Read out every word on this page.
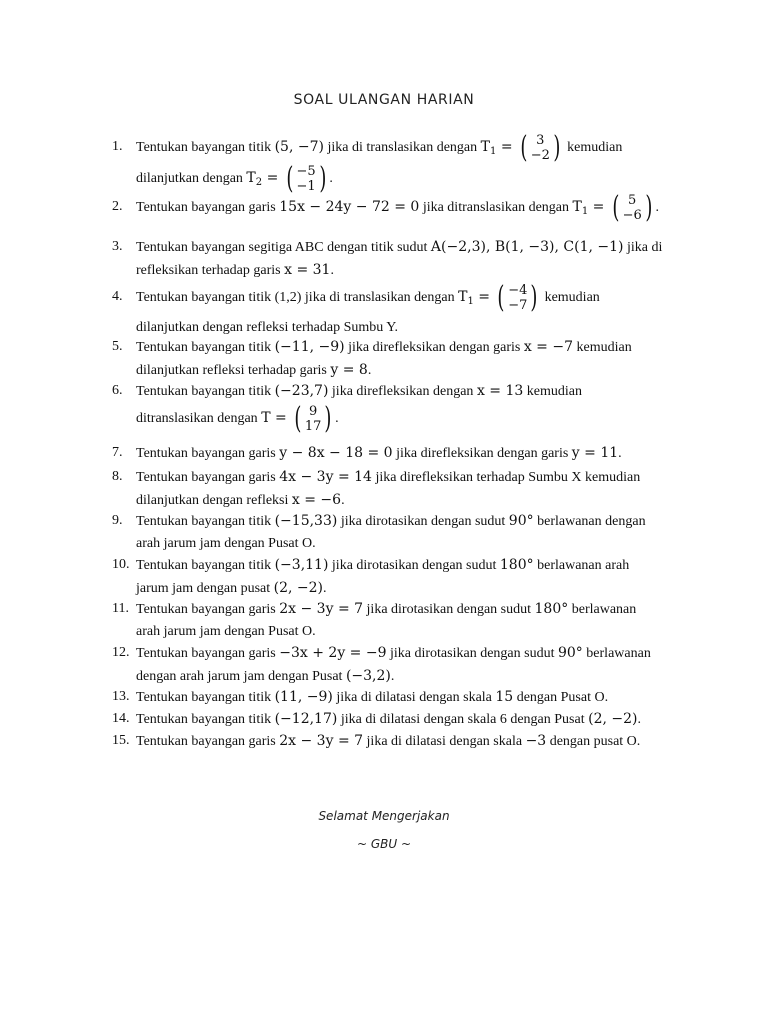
SOAL ULANGAN HARIAN
1. Tentukan bayangan titik (5, −7) jika di translasikan dengan $T_1$ = ( 3
−2 ) kemudian

dilanjutkan dengan $T_2$ = ( −5
−1 ) .
2. Tentukan bayangan garis 15x − 24y − 72 = 0 jika ditranslasikan dengan $T_1$ = ( 5
−6 ) .
3. Tentukan bayangan segitiga ABC dengan titik sudut A(−2,3), B(1, −3), C(1, −1) jika di
refleksikan terhadap garis x = 31.
4. Tentukan bayangan titik (1,2) jika di translasikan dengan $T_1$ = ( −4
−7 ) kemudian

dilanjutkan dengan refleksi terhadap Sumbu Y.
5. Tentukan bayangan titik (−11, −9) jika direfleksikan dengan garis x = −7 kemudian
dilanjutkan refleksi terhadap garis y = 8.
6. Tentukan bayangan titik (−23,7) jika direfleksikan dengan x = 13 kemudian

ditranslasikan dengan T = ( 9
17 ) .
7. Tentukan bayangan garis y − 8x − 18 = 0 jika direfleksikan dengan garis y = 11.
8. Tentukan bayangan garis 4x − 3y = 14 jika direfleksikan terhadap Sumbu X kemudian
dilanjutkan dengan refleksi x = −6.
9. Tentukan bayangan titik (−15,33) jika dirotasikan dengan sudut 90° berlawanan dengan
arah jarum jam dengan Pusat O.
10. Tentukan bayangan titik (−3,11) jika dirotasikan dengan sudut 180° berlawanan arah
jarum jam dengan pusat (2, −2).
11. Tentukan bayangan garis 2x − 3y = 7 jika dirotasikan dengan sudut 180° berlawanan
arah jarum jam dengan Pusat O.
12. Tentukan bayangan garis −3x + 2y = −9 jika dirotasikan dengan sudut 90° berlawanan
dengan arah jarum jam dengan Pusat (−3,2).
13. Tentukan bayangan titik (11, −9) jika di dilatasi dengan skala 15 dengan Pusat O.
14. Tentukan bayangan titik (−12,17) jika di dilatasi dengan skala 6 dengan Pusat (2, −2).
15. Tentukan bayangan garis 2x − 3y = 7 jika di dilatasi dengan skala −3 dengan pusat O.
Selamat Mengerjakan
~ GBU ~
